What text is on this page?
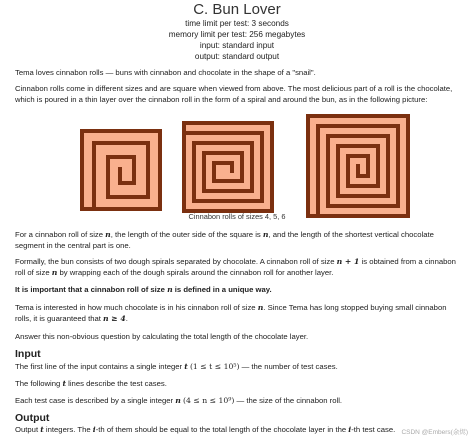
C. Bun Lover
time limit per test: 3 seconds
memory limit per test: 256 megabytes
input: standard input
output: standard output
Tema loves cinnabon rolls — buns with cinnabon and chocolate in the shape of a "snail".
Cinnabon rolls come in different sizes and are square when viewed from above. The most delicious part of a roll is the chocolate, which is poured in a thin layer over the cinnabon roll in the form of a spiral and around the bun, as in the following picture:
Cinnabon rolls of sizes 4, 5, 6
For a cinnabon roll of size n, the length of the outer side of the square is n, and the length of the shortest vertical chocolate segment in the central part is one.
Formally, the bun consists of two dough spirals separated by chocolate. A cinnabon roll of size n + 1 is obtained from a cinnabon roll of size n by wrapping each of the dough spirals around the cinnabon roll for another layer.
It is important that a cinnabon roll of size n is defined in a unique way.
Tema is interested in how much chocolate is in his cinnabon roll of size n. Since Tema has long stopped buying small cinnabon rolls, it is guaranteed that n ≥ 4.
Answer this non-obvious question by calculating the total length of the chocolate layer.
Input
The first line of the input contains a single integer t (1 ≤ t ≤ 10⁵) — the number of test cases.
The following t lines describe the test cases.
Each test case is described by a single integer n (4 ≤ n ≤ 10⁹) — the size of the cinnabon roll.
Output
Output t integers. The i-th of them should be equal to the total length of the chocolate layer in the i-th test case. CSDN @Embers(余烬)
